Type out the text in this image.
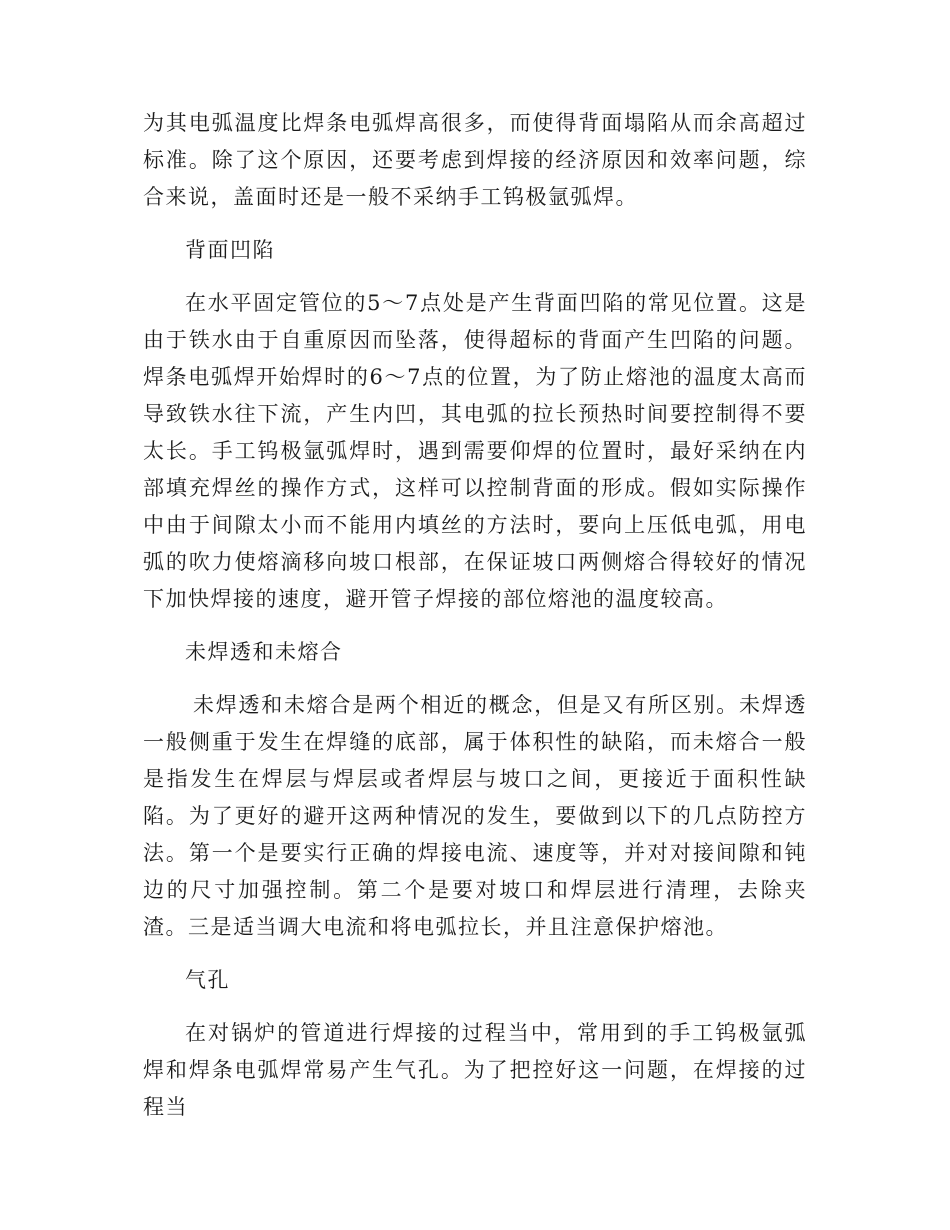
为其电弧温度比焊条电弧焊高很多，而使得背面塌陷从而余高超过标准。除了这个原因，还要考虑到焊接的经济原因和效率问题，综合来说，盖面时还是一般不采纳手工钨极氩弧焊。

背面凹陷

在水平固定管位的5～7点处是产生背面凹陷的常见位置。这是由于铁水由于自重原因而坠落，使得超标的背面产生凹陷的问题。焊条电弧焊开始焊时的6～7点的位置，为了防止熔池的温度太高而导致铁水往下流，产生内凹，其电弧的拉长预热时间要控制得不要太长。手工钨极氩弧焊时，遇到需要仰焊的位置时，最好采纳在内部填充焊丝的操作方式，这样可以控制背面的形成。假如实际操作中由于间隙太小而不能用内填丝的方法时，要向上压低电弧，用电弧的吹力使熔滴移向坡口根部，在保证坡口两侧熔合得较好的情况下加快焊接的速度，避开管子焊接的部位熔池的温度较高。

未焊透和未熔合

未焊透和未熔合是两个相近的概念，但是又有所区别。未焊透一般侧重于发生在焊缝的底部，属于体积性的缺陷，而未熔合一般是指发生在焊层与焊层或者焊层与坡口之间，更接近于面积性缺陷。为了更好的避开这两种情况的发生，要做到以下的几点防控方法。第一个是要实行正确的焊接电流、速度等，并对对接间隙和钝边的尺寸加强控制。第二个是要对坡口和焊层进行清理，去除夹渣。三是适当调大电流和将电弧拉长，并且注意保护熔池。

气孔

在对锅炉的管道进行焊接的过程当中，常用到的手工钨极氩弧焊和焊条电弧焊常易产生气孔。为了把控好这一问题，在焊接的过程当
